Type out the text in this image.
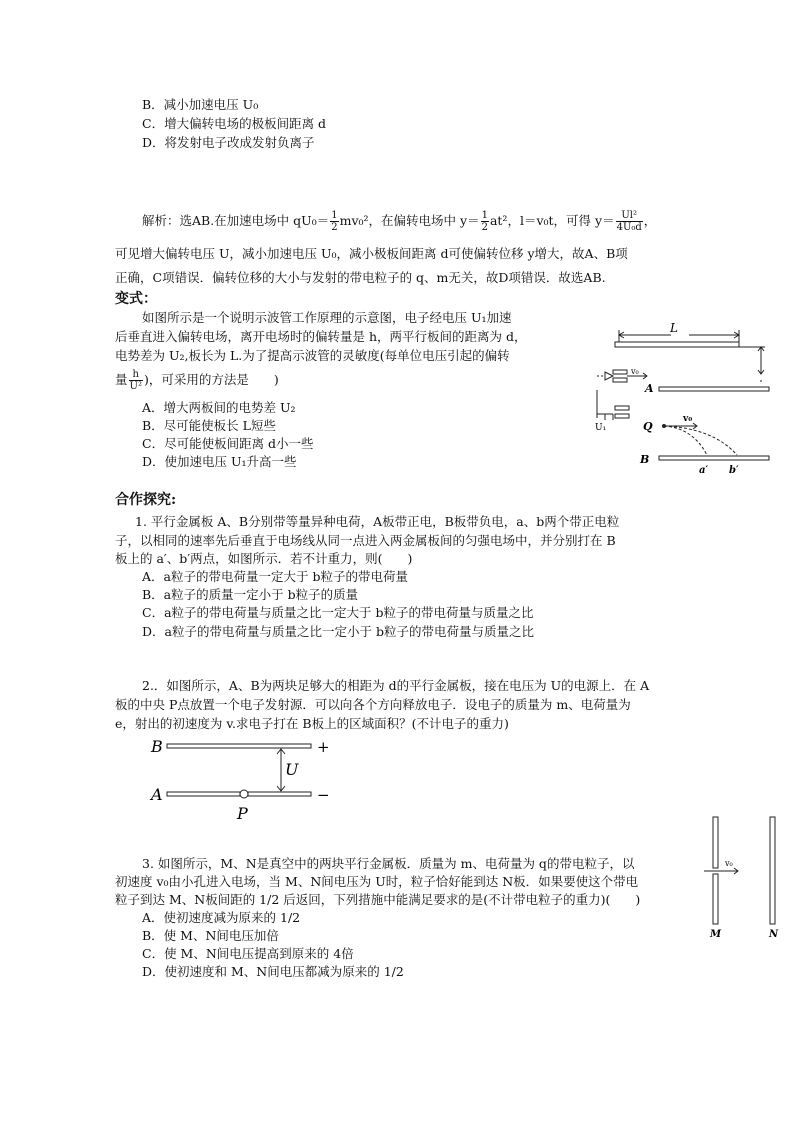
B．减小加速电压 U₀
C．增大偏转电场的极板间距离 d
D．将发射电子改成发射负离子
解析：选AB.在加速电场中 $qU_0= \frac{1}{2} mv_0^2$，在偏转电场中 $y= \frac{1}{2} at^2$，l＝v₀t，可得 $y= \frac{\text{Ul²}}{\text{4U₀d}}$ ，
可见增大偏转电压 U，减小加速电压 U₀，减小极板间距离 d可使偏转位移 y增大，故A、B项
正确，C项错误．偏转位移的大小与发射的带电粒子的 q、m无关，故D项错误．故选AB.
变式：
如图所示是一个说明示波管工作原理的示意图，电子经电压 U₁加速
后垂直进入偏转电场，离开电场时的偏转量是 h，两平行板间的距离为 d，
电势差为 U₂,板长为 L.为了提高示波管的灵敏度(每单位电压引起的偏转
量 $\frac{h}{\text{U²}}$ )，可采用的方法是　　)
A．增大两板间的电势差 U₂
B．尽可能使板长 L短些
C．尽可能使板间距离 d小一些
D．使加速电压 U₁升高一些
L
v₀
A
U₁	Q
v₀
B
a′ b′
合作探究:
1. 平行金属板 A、B分别带等量异种电荷，A板带正电，B板带负电，a、b两个带正电粒
子，以相同的速率先后垂直于电场线从同一点进入两金属板间的匀强电场中，并分别打在 B
板上的 a′、b′两点，如图所示．若不计重力，则(　　)
A．a粒子的带电荷量一定大于 b粒子的带电荷量
B．a粒子的质量一定小于 b粒子的质量
C．a粒子的带电荷量与质量之比一定大于 b粒子的带电荷量与质量之比
D．a粒子的带电荷量与质量之比一定小于 b粒子的带电荷量与质量之比
2.．如图所示，A、B为两块足够大的相距为 d的平行金属板，接在电压为 U的电源上．在 A
板的中央 P点放置一个电子发射源．可以向各个方向释放电子．设电子的质量为 m、电荷量为
e，射出的初速度为 v.求电子打在 B板上的区域面积？(不计电子的重力)
B	+
U
A	−
P
3. 如图所示，M、N是真空中的两块平行金属板．质量为 m、电荷量为 q的带电粒子，以
初速度 v₀由小孔进入电场，当 M、N间电压为 U时，粒子恰好能到达 N板．如果要使这个带电
粒子到达 M、N板间距的 1/2 后返回，下列措施中能满足要求的是(不计带电粒子的重力)(　　)
A．使初速度减为原来的 1/2
B．使 M、N间电压加倍
C．使 M、N间电压提高到原来的 4倍
D．使初速度和 M、N间电压都减为原来的 1/2
v₀
M	N
